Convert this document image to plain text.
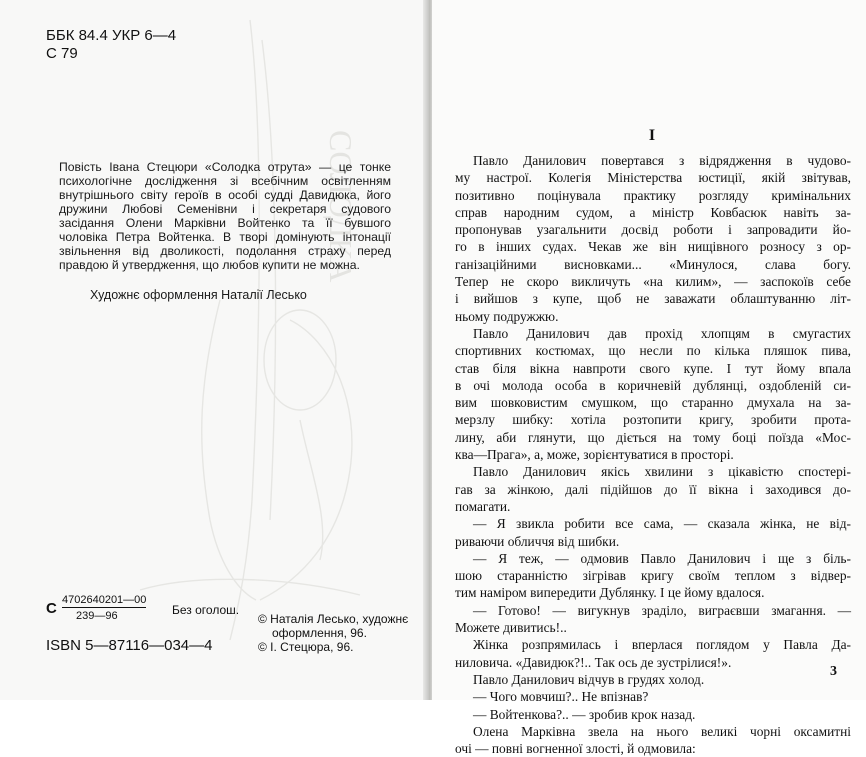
СОЛОДКА
ББК 84.4 УКР 6—4
С 79
Повість Івана Стецюри «Солодка отрута» — це тонке психологічне дослідження зі всебічним освітленням внутрішнього світу героїв в особі судді Давидюка, його дружини Любові Семенівни і секретаря судового засідання Олени Марківни Войтенко та її бувшого чоловіка Петра Войтенка. В творі домінують інтонації звільнення від дволикості, подолання страху перед правдою й утвердження, що любов купити не можна.
Художнє оформлення Наталії Лесько
С 4702640201—00
239—96	Без оголош.
ISBN 5—87116—034—4
© Наталія Лесько, художнє
оформлення, 96.
© І. Стецюра, 96.
I
Павло Данилович повертався з відрядження в чудово-
му настрої. Колегія Міністерства юстиції, якій звітував,
позитивно поцінувала практику розгляду кримінальних
справ народним судом, а міністр Ковбасюк навіть за-
пропонував узагальнити досвід роботи і запровадити йо-
го в інших судах. Чекав же він нищівного розносу з ор-
ганізаційними висновками... «Минулося, слава богу.
Тепер не скоро викличуть «на килим», — заспокоїв себе
і вийшов з купе, щоб не заважати облаштуванню літ-
ньому подружжю.
Павло Данилович дав прохід хлопцям в смугастих
спортивних костюмах, що несли по кілька пляшок пива,
став біля вікна навпроти свого купе. І тут йому впала
в очі молода особа в коричневій дублянці, оздобленій си-
вим шовковистим смушком, що старанно дмухала на за-
мерзлу шибку: хотіла розтопити кригу, зробити прота-
лину, аби глянути, що діється на тому боці поїзда «Мос-
ква—Прага», а, може, зорієнтуватися в просторі.
Павло Данилович якісь хвилини з цікавістю спостері-
гав за жінкою, далі підійшов до її вікна і заходився до-
помагати.
— Я звикла робити все сама, — сказала жінка, не від-
риваючи обличчя від шибки.
— Я теж, — одмовив Павло Данилович і ще з біль-
шою старанністю зігрівав кригу своїм теплом з відвер-
тим наміром випередити Дублянку. І це йому вдалося.
— Готово! — вигукнув зраділо, виграєвши змагання. —
Можете дивитись!..
Жінка розпрямилась і вперлася поглядом у Павла Да-
ниловича. «Давидюк?!.. Так ось де зустрілися!».
Павло Данилович відчув в грудях холод.
— Чого мовчиш?.. Не впізнав?
— Войтенкова?.. — зробив крок назад.
Олена Марківна звела на нього великі чорні оксамитні
очі — повні вогненної злості, й одмовила:
3
